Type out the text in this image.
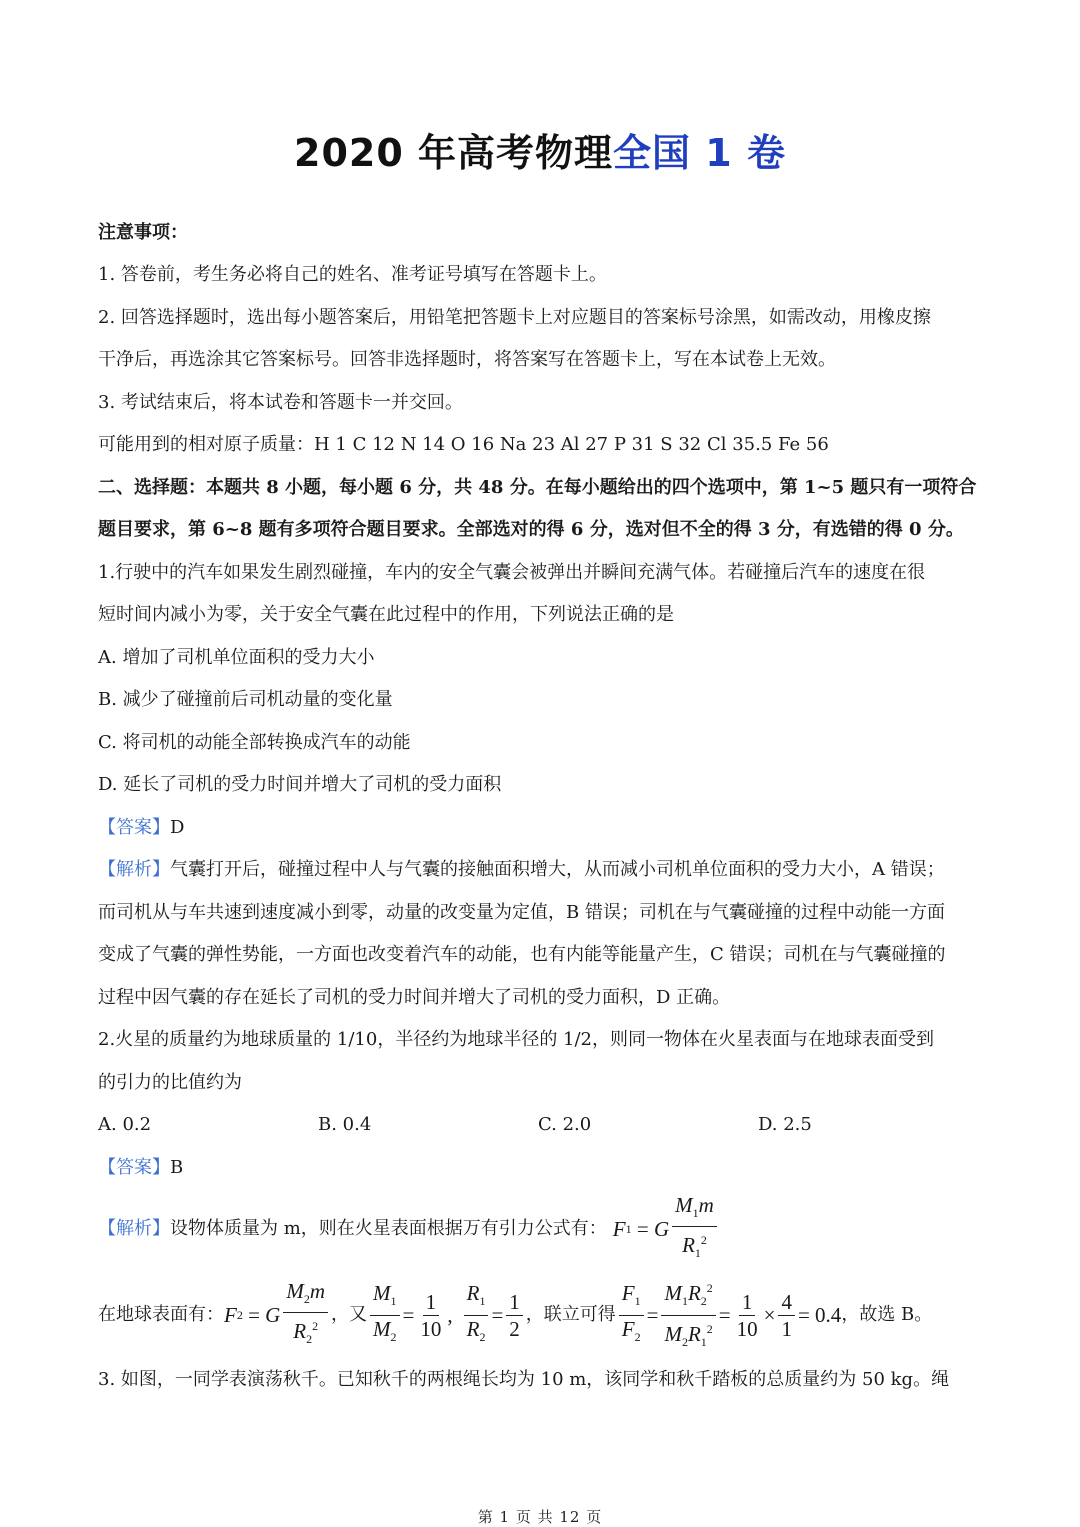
2020 年高考物理全国 1 卷
注意事项：
1. 答卷前，考生务必将自己的姓名、准考证号填写在答题卡上。
2. 回答选择题时，选出每小题答案后，用铅笔把答题卡上对应题目的答案标号涂黑，如需改动，用橡皮擦
干净后，再选涂其它答案标号。回答非选择题时，将答案写在答题卡上，写在本试卷上无效。
3. 考试结束后，将本试卷和答题卡一并交回。
可能用到的相对原子质量：H 1 C 12 N 14 O 16 Na 23 Al 27 P 31 S 32 Cl 35.5 Fe 56
二、选择题：本题共 8 小题，每小题 6 分，共 48 分。在每小题给出的四个选项中，第 1~5 题只有一项符合
题目要求，第 6~8 题有多项符合题目要求。全部选对的得 6 分，选对但不全的得 3 分，有选错的得 0 分。
1.行驶中的汽车如果发生剧烈碰撞，车内的安全气囊会被弹出并瞬间充满气体。若碰撞后汽车的速度在很
短时间内减小为零，关于安全气囊在此过程中的作用，下列说法正确的是
A. 增加了司机单位面积的受力大小
B. 减少了碰撞前后司机动量的变化量
C. 将司机的动能全部转换成汽车的动能
D. 延长了司机的受力时间并增大了司机的受力面积
【答案】D
【解析】气囊打开后，碰撞过程中人与气囊的接触面积增大，从而减小司机单位面积的受力大小，A 错误；
而司机从与车共速到速度减小到零，动量的改变量为定值，B 错误；司机在与气囊碰撞的过程中动能一方面
变成了气囊的弹性势能，一方面也改变着汽车的动能，也有内能等能量产生，C 错误；司机在与气囊碰撞的
过程中因气囊的存在延长了司机的受力时间并增大了司机的受力面积，D 正确。
2.火星的质量约为地球质量的 1/10，半径约为地球半径的 1/2，则同一物体在火星表面与在地球表面受到
的引力的比值约为
A. 0.2	B. 0.4	C. 2.0	D. 2.5
【答案】B
【解析】 设物体质量为 m，则在火星表面根据万有引力公式有： F 1
= G $\frac{M_1m}{R_1^2}$
在地球表面有： F 2
= G $\frac{M_2m}{R_2^2}$ ，又 $\frac{M_1}{M_2} = \frac{1}{10}$ , $\frac{R_1}{R_2} = \frac{1}{2}$ ，联立可得 $\frac{F_1}{F_2} = \frac{M_1R_2^2}{M_2R_1^2} = \frac{1}{10} \times \frac{4}{1} = 0.4$ ，故选 B。
3. 如图，一同学表演荡秋千。已知秋千的两根绳长均为 10 m，该同学和秋千踏板的总质量约为 50 kg。绳
第 1 页 共 12 页
